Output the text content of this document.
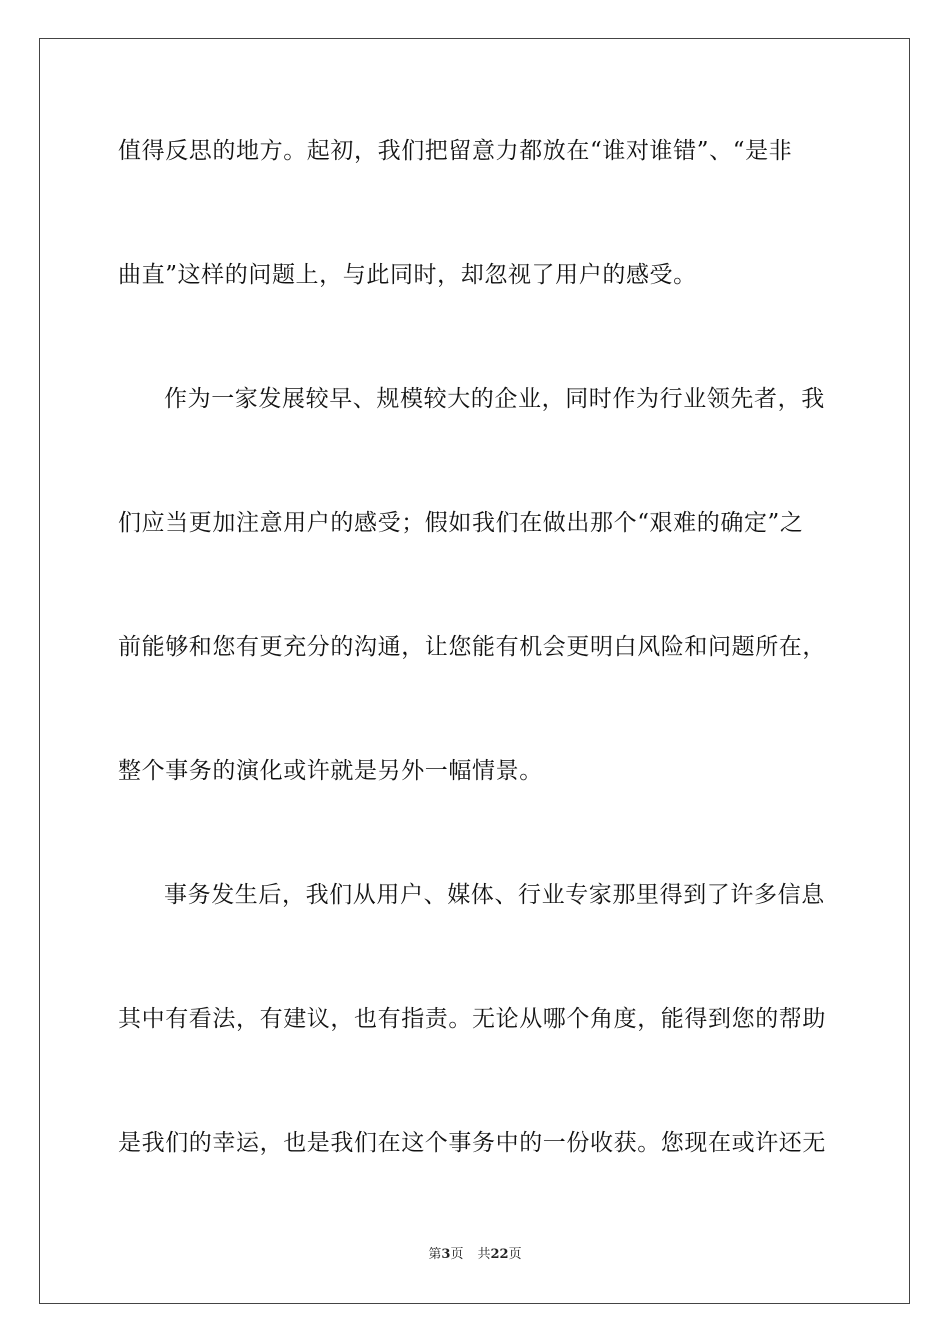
值得反思的地方。起初，我们把留意力都放在“谁对谁错”、“是非
曲直”这样的问题上，与此同时，却忽视了用户的感受。
作为一家发展较早、规模较大的企业，同时作为行业领先者，我
们应当更加注意用户的感受；假如我们在做出那个“艰难的确定”之
前能够和您有更充分的沟通，让您能有机会更明白风险和问题所在，
整个事务的演化或许就是另外一幅情景。
事务发生后，我们从用户、媒体、行业专家那里得到了许多信息
其中有看法，有建议，也有指责。无论从哪个角度，能得到您的帮助
是我们的幸运，也是我们在这个事务中的一份收获。您现在或许还无
第3页 共22页
